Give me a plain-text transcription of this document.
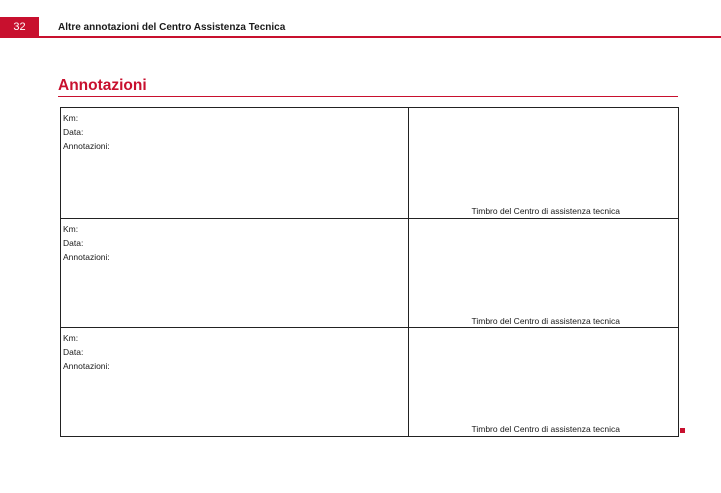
32	Altre annotazioni del Centro Assistenza Tecnica
Annotazioni
Km:
Data:
Annotazioni:
Timbro del Centro di assistenza tecnica
Km:
Data:
Annotazioni:
Timbro del Centro di assistenza tecnica
Km:
Data:
Annotazioni:
Timbro del Centro di assistenza tecnica
